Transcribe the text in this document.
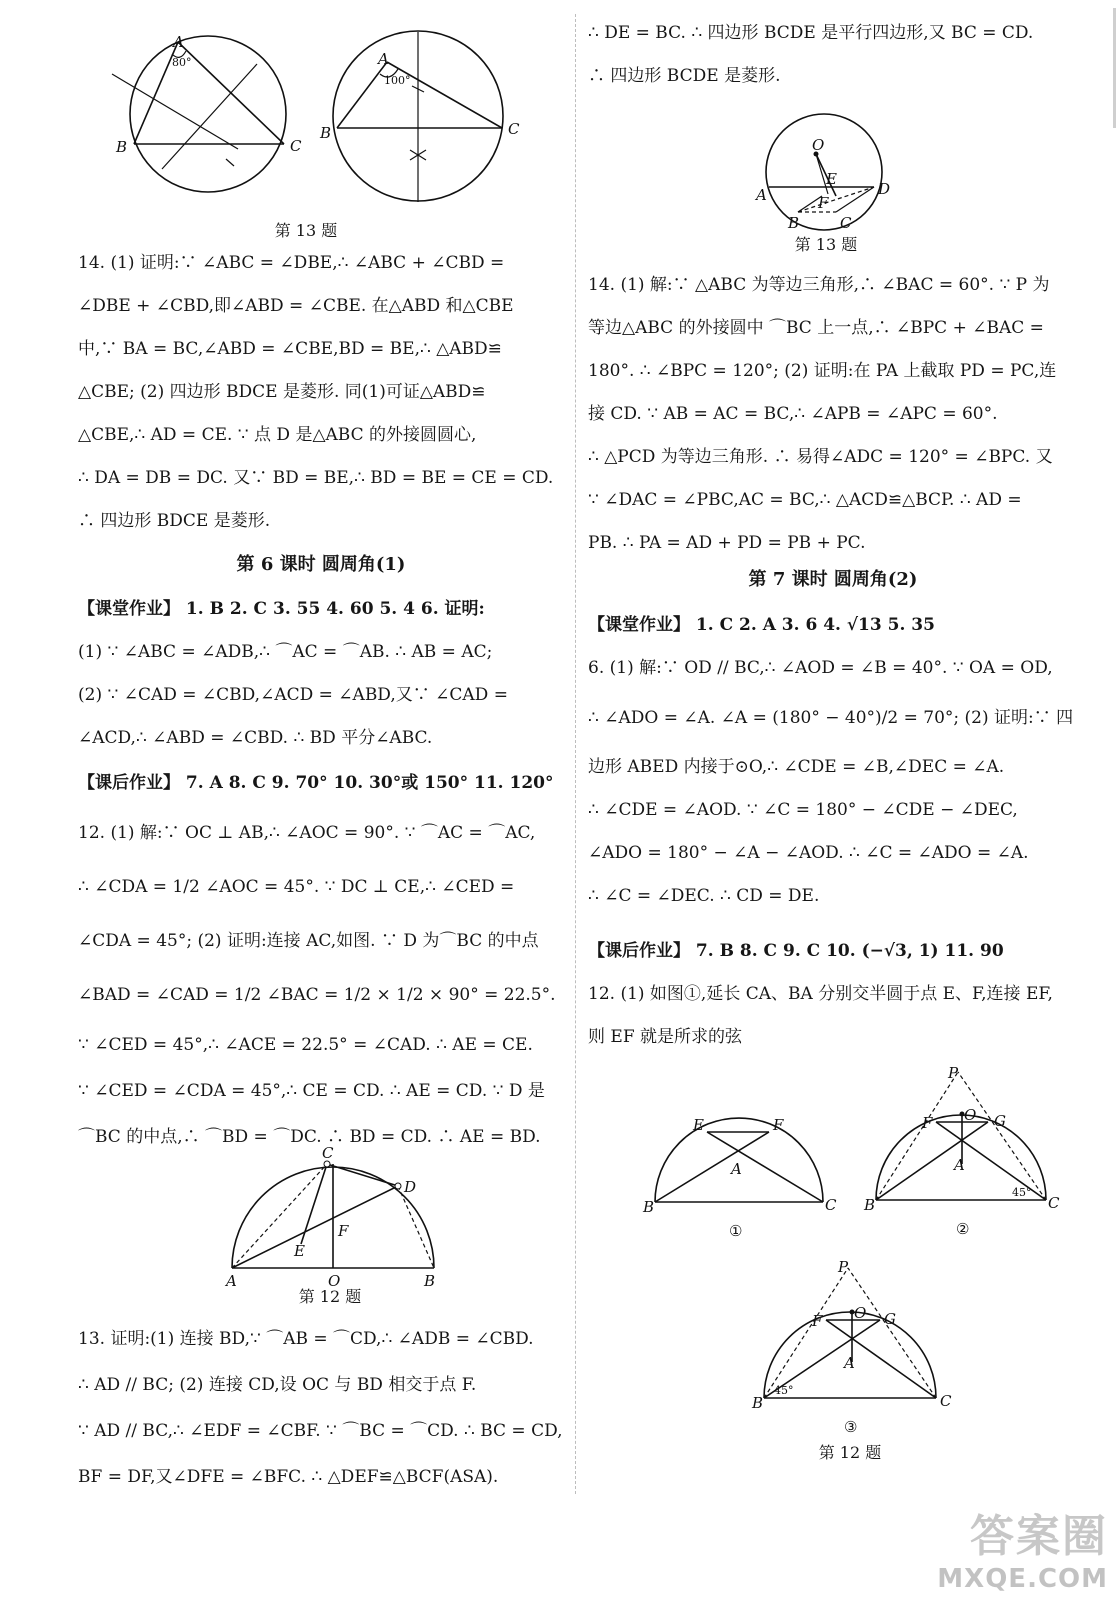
A
B	C
80°	A
B	C
100°
第 13 题
14. (1) 证明:∵ ∠ABC = ∠DBE,∴ ∠ABC + ∠CBD =
∠DBE + ∠CBD,即∠ABD = ∠CBE. 在△ABD 和△CBE
中,∵ BA = BC,∠ABD = ∠CBE,BD = BE,∴ △ABD≌
△CBE; (2) 四边形 BDCE 是菱形. 同(1)可证△ABD≌
△CBE,∴ AD = CE. ∵ 点 D 是△ABC 的外接圆圆心,
∴ DA = DB = DC. 又∵ BD = BE,∴ BD = BE = CE = CD.
∴ 四边形 BDCE 是菱形.
第 6 课时 圆周角(1)
【课堂作业】 1. B 2. C 3. 55 4. 60 5. 4 6. 证明:
(1) ∵ ∠ABC = ∠ADB,∴ ⌒AC = ⌒AB. ∴ AB = AC;
(2) ∵ ∠CAD = ∠CBD,∠ACD = ∠ABD,又∵ ∠CAD =
∠ACD,∴ ∠ABD = ∠CBD. ∴ BD 平分∠ABC.
【课后作业】 7. A 8. C 9. 70° 10. 30°或 150° 11. 120°
12. (1) 解:∵ OC ⊥ AB,∴ ∠AOC = 90°. ∵ ⌒AC = ⌒AC,
∴ ∠CDA = 1/2 ∠AOC = 45°. ∵ DC ⊥ CE,∴ ∠CED =
∠CDA = 45°; (2) 证明:连接 AC,如图. ∵ D 为⌒BC 的中点
∠BAD = ∠CAD = 1/2 ∠BAC = 1/2 × 1/2 × 90° = 22.5°.
∵ ∠CED = 45°,∴ ∠ACE = 22.5° = ∠CAD. ∴ AE = CE.
∵ ∠CED = ∠CDA = 45°,∴ CE = CD. ∴ AE = CD. ∵ D 是
⌒BC 的中点,∴ ⌒BD = ⌒DC. ∴ BD = CD. ∴ AE = BD.
C
D
F
E
A	O	B
第 12 题
13. 证明:(1) 连接 BD,∵ ⌒AB = ⌒CD,∴ ∠ADB = ∠CBD.
∴ AD // BC; (2) 连接 CD,设 OC 与 BD 相交于点 F.
∵ AD // BC,∴ ∠EDF = ∠CBF. ∵ ⌒BC = ⌒CD. ∴ BC = CD,
BF = DF,又∠DFE = ∠BFC. ∴ △DEF≌△BCF(ASA).
∴ DE = BC. ∴ 四边形 BCDE 是平行四边形,又 BC = CD.
∴ 四边形 BCDE 是菱形.
O
E
A	D
B
F
C
第 13 题
14. (1) 解:∵ △ABC 为等边三角形,∴ ∠BAC = 60°. ∵ P 为
等边△ABC 的外接圆中 ⌒BC 上一点,∴ ∠BPC + ∠BAC =
180°. ∴ ∠BPC = 120°; (2) 证明:在 PA 上截取 PD = PC,连
接 CD. ∵ AB = AC = BC,∴ ∠APB = ∠APC = 60°.
∴ △PCD 为等边三角形. ∴ 易得∠ADC = 120° = ∠BPC. 又
∵ ∠DAC = ∠PBC,AC = BC,∴ △ACD≌△BCP. ∴ AD =
PB. ∴ PA = AD + PD = PB + PC.
第 7 课时 圆周角(2)
【课堂作业】 1. C 2. A 3. 6 4. √13 5. 35
6. (1) 解:∵ OD // BC,∴ ∠AOD = ∠B = 40°. ∵ OA = OD,
∴ ∠ADO = ∠A. ∠A = (180° − 40°)/2 = 70°; (2) 证明:∵ 四
边形 ABED 内接于⊙O,∴ ∠CDE = ∠B,∠DEC = ∠A.
∴ ∠CDE = ∠AOD. ∵ ∠C = 180° − ∠CDE − ∠DEC,
∠ADO = 180° − ∠A − ∠AOD. ∴ ∠C = ∠ADO = ∠A.
∴ ∠C = ∠DEC. ∴ CD = DE.
【课后作业】 7. B 8. C 9. C 10. (−√3, 1) 11. 90
12. (1) 如图①,延长 CA、BA 分别交半圆于点 E、F,连接 EF,
则 EF 就是所求的弦
E	F
A
B	C
①
P
F O G
A
B	C
45°
②
P
F O G
A
B	C
45°
③
第 12 题
答案圈
MXQE.COM
